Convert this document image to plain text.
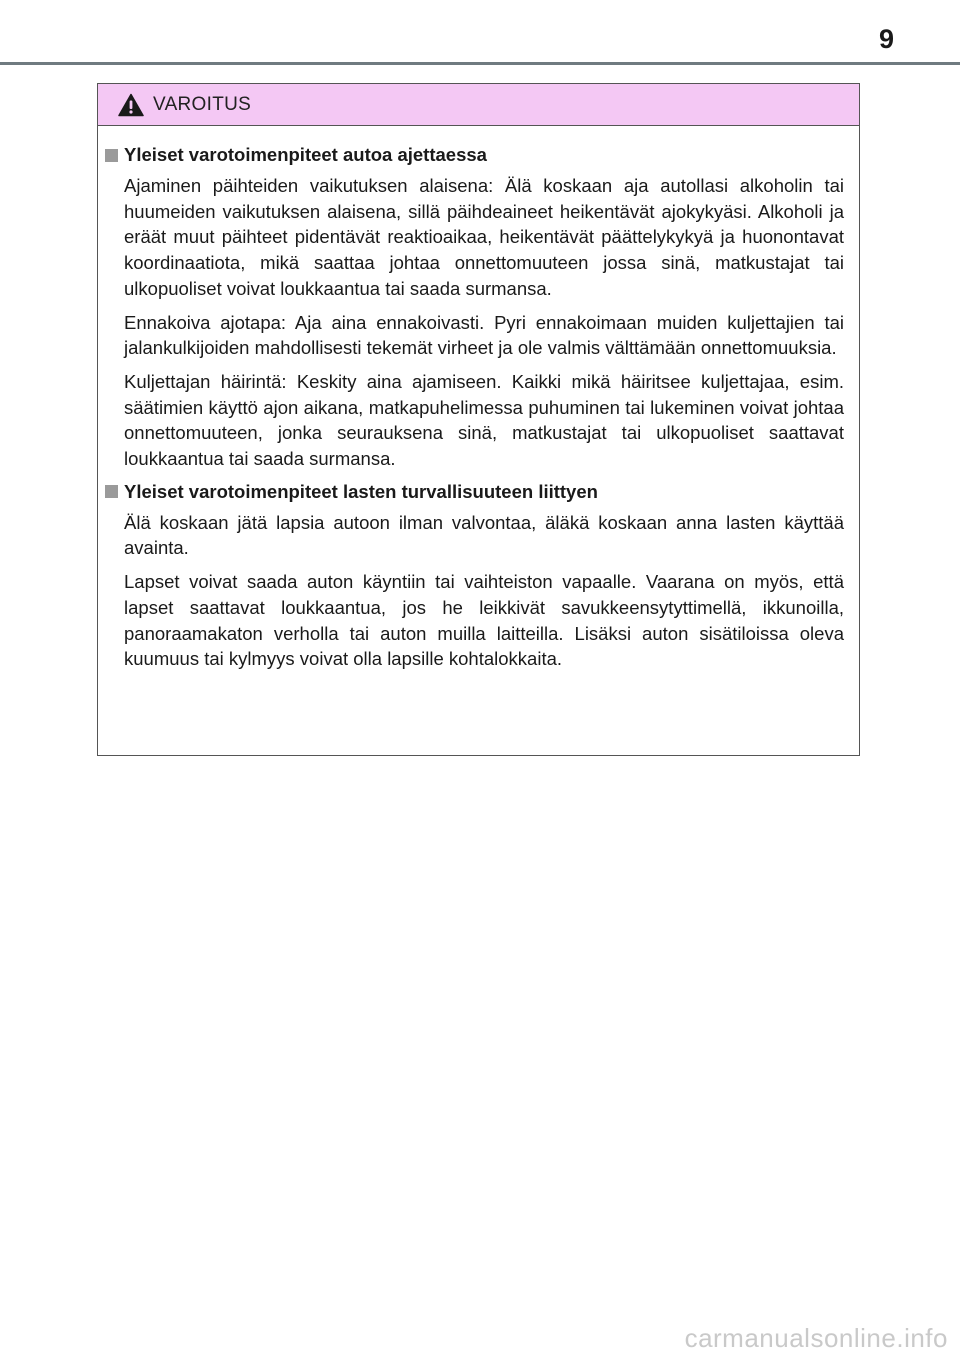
9
VAROITUS
Yleiset varotoimenpiteet autoa ajettaessa

Ajaminen päihteiden vaikutuksen alaisena: Älä koskaan aja autollasi alkoholin tai huumeiden vaikutuksen alaisena, sillä päihdeaineet heikentävät ajokykyäsi. Alkoholi ja eräät muut päihteet pidentävät reaktioaikaa, heikentävät päättelykykyä ja huonontavat koordinaatiota, mikä saattaa johtaa onnettomuuteen jossa sinä, matkustajat tai ulkopuoliset voivat loukkaantua tai saada surmansa.

Ennakoiva ajotapa: Aja aina ennakoivasti. Pyri ennakoimaan muiden kuljettajien tai jalankulkijoiden mahdollisesti tekemät virheet ja ole valmis välttämään onnettomuuksia.

Kuljettajan häirintä: Keskity aina ajamiseen. Kaikki mikä häiritsee kuljettajaa, esim. säätimien käyttö ajon aikana, matkapuhelimessa puhuminen tai lukeminen voivat johtaa onnettomuuteen, jonka seurauksena sinä, matkustajat tai ulkopuoliset saattavat loukkaantua tai saada surmansa.

Yleiset varotoimenpiteet lasten turvallisuuteen liittyen

Älä koskaan jätä lapsia autoon ilman valvontaa, äläkä koskaan anna lasten käyttää avainta.

Lapset voivat saada auton käyntiin tai vaihteiston vapaalle. Vaarana on myös, että lapset saattavat loukkaantua, jos he leikkivät savukkeensytyttimellä, ikkunoilla, panoraamakaton verholla tai auton muilla laitteilla. Lisäksi auton sisätiloissa oleva kuumuus tai kylmyys voivat olla lapsille kohtalokkaita.

carmanualsonline.info
